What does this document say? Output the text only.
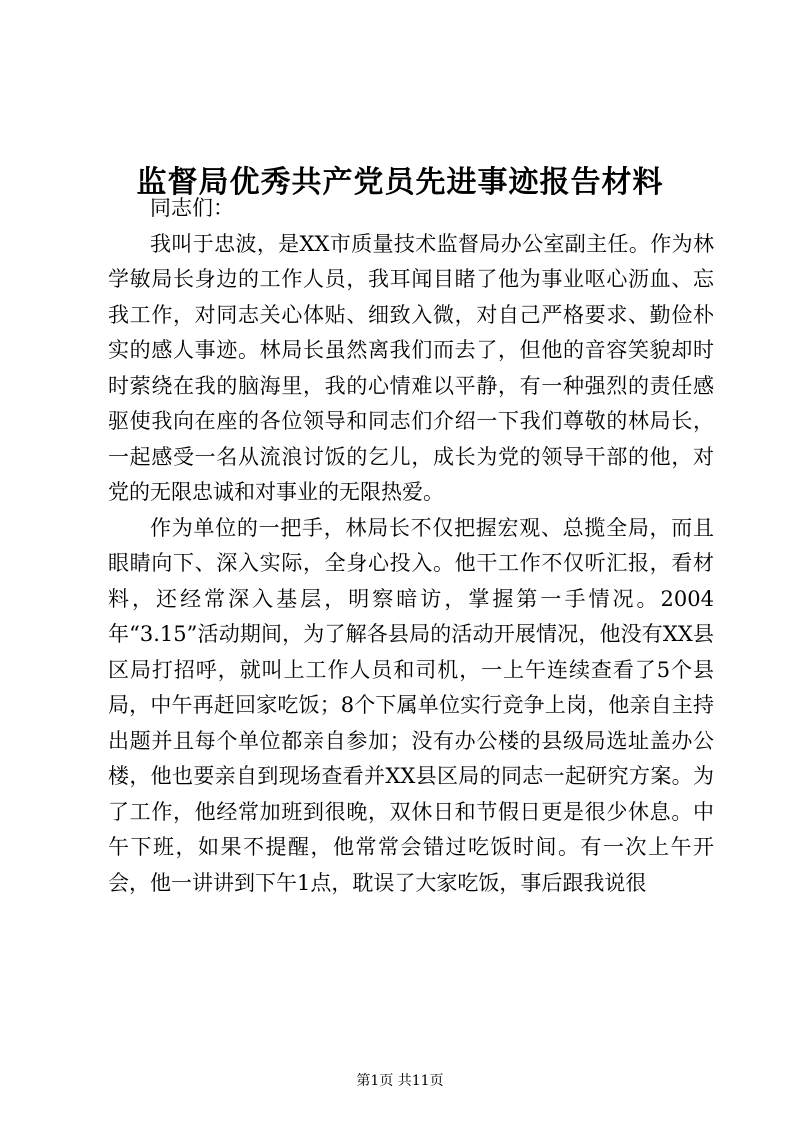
监督局优秀共产党员先进事迹报告材料

同志们：

我叫于忠波，是XX市质量技术监督局办公室副主任。作为林学敏局长身边的工作人员，我耳闻目睹了他为事业呕心沥血、忘我工作，对同志关心体贴、细致入微，对自己严格要求、勤俭朴实的感人事迹。林局长虽然离我们而去了，但他的音容笑貌却时时萦绕在我的脑海里，我的心情难以平静，有一种强烈的责任感驱使我向在座的各位领导和同志们介绍一下我们尊敬的林局长，一起感受一名从流浪讨饭的乞儿，成长为党的领导干部的他，对党的无限忠诚和对事业的无限热爱。

作为单位的一把手，林局长不仅把握宏观、总揽全局，而且眼睛向下、深入实际，全身心投入。他干工作不仅听汇报，看材料，还经常深入基层，明察暗访，掌握第一手情况。2004年“3.15”活动期间，为了解各县局的活动开展情况，他没有XX县区局打招呼，就叫上工作人员和司机，一上午连续查看了5个县局，中午再赶回家吃饭；8个下属单位实行竞争上岗，他亲自主持出题并且每个单位都亲自参加；没有办公楼的县级局选址盖办公楼，他也要亲自到现场查看并XX县区局的同志一起研究方案。为了工作，他经常加班到很晚，双休日和节假日更是很少休息。中午下班，如果不提醒，他常常会错过吃饭时间。有一次上午开会，他一讲讲到下午1点，耽误了大家吃饭，事后跟我说很

第1页 共11页
